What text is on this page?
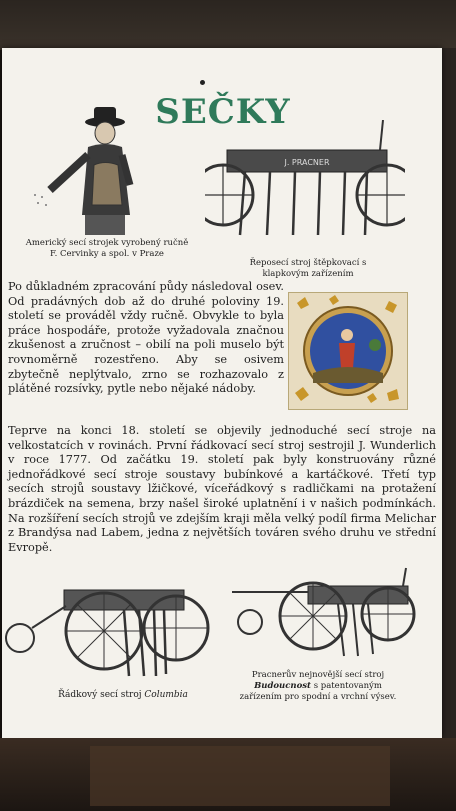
SEČKY
Americký secí strojek vyrobený ručně F. Cervinky a spol. v Praze
J. PRACNER
Řeposecí stroj štěpkovací s klapkovým zařízením
Po důkladném zpracování půdy následoval osev. Od pradávných dob až do druhé poloviny 19. století se prováděl vždy ručně. Obvykle to byla práce hospodáře, protože vyžadovala značnou zkušenost a zručnost – obilí na poli muselo být rovnoměrně rozestřeno. Aby se osivem zbytečně neplýtvalo, zrno se rozhazovalo z plátěné rozsívky, pytle nebo nějaké nádoby.
Teprve na konci 18. století se objevily jednoduché secí stroje na velkostatcích v rovinách. První řádkovací secí stroj sestrojil J. Wunderlich v roce 1777. Od začátku 19. století pak byly konstruovány různé jednořádkové secí stroje soustavy bubínkové a kartáčkové. Třetí typ secích strojů soustavy lžičkové, víceřádkový s radličkami na protažení brázdiček na semena, brzy našel široké uplatnění i v našich podmínkách. Na rozšíření secích strojů ve zdejším kraji měla velký podíl firma Melichar z Brandýsa nad Labem, jedna z největších továren svého druhu ve střední Evropě.
Řádkový secí stroj Columbia
Pracnerův nejnovější secí stroj Budoucnost s patentovaným zařízením pro spodní a vrchní výsev.
